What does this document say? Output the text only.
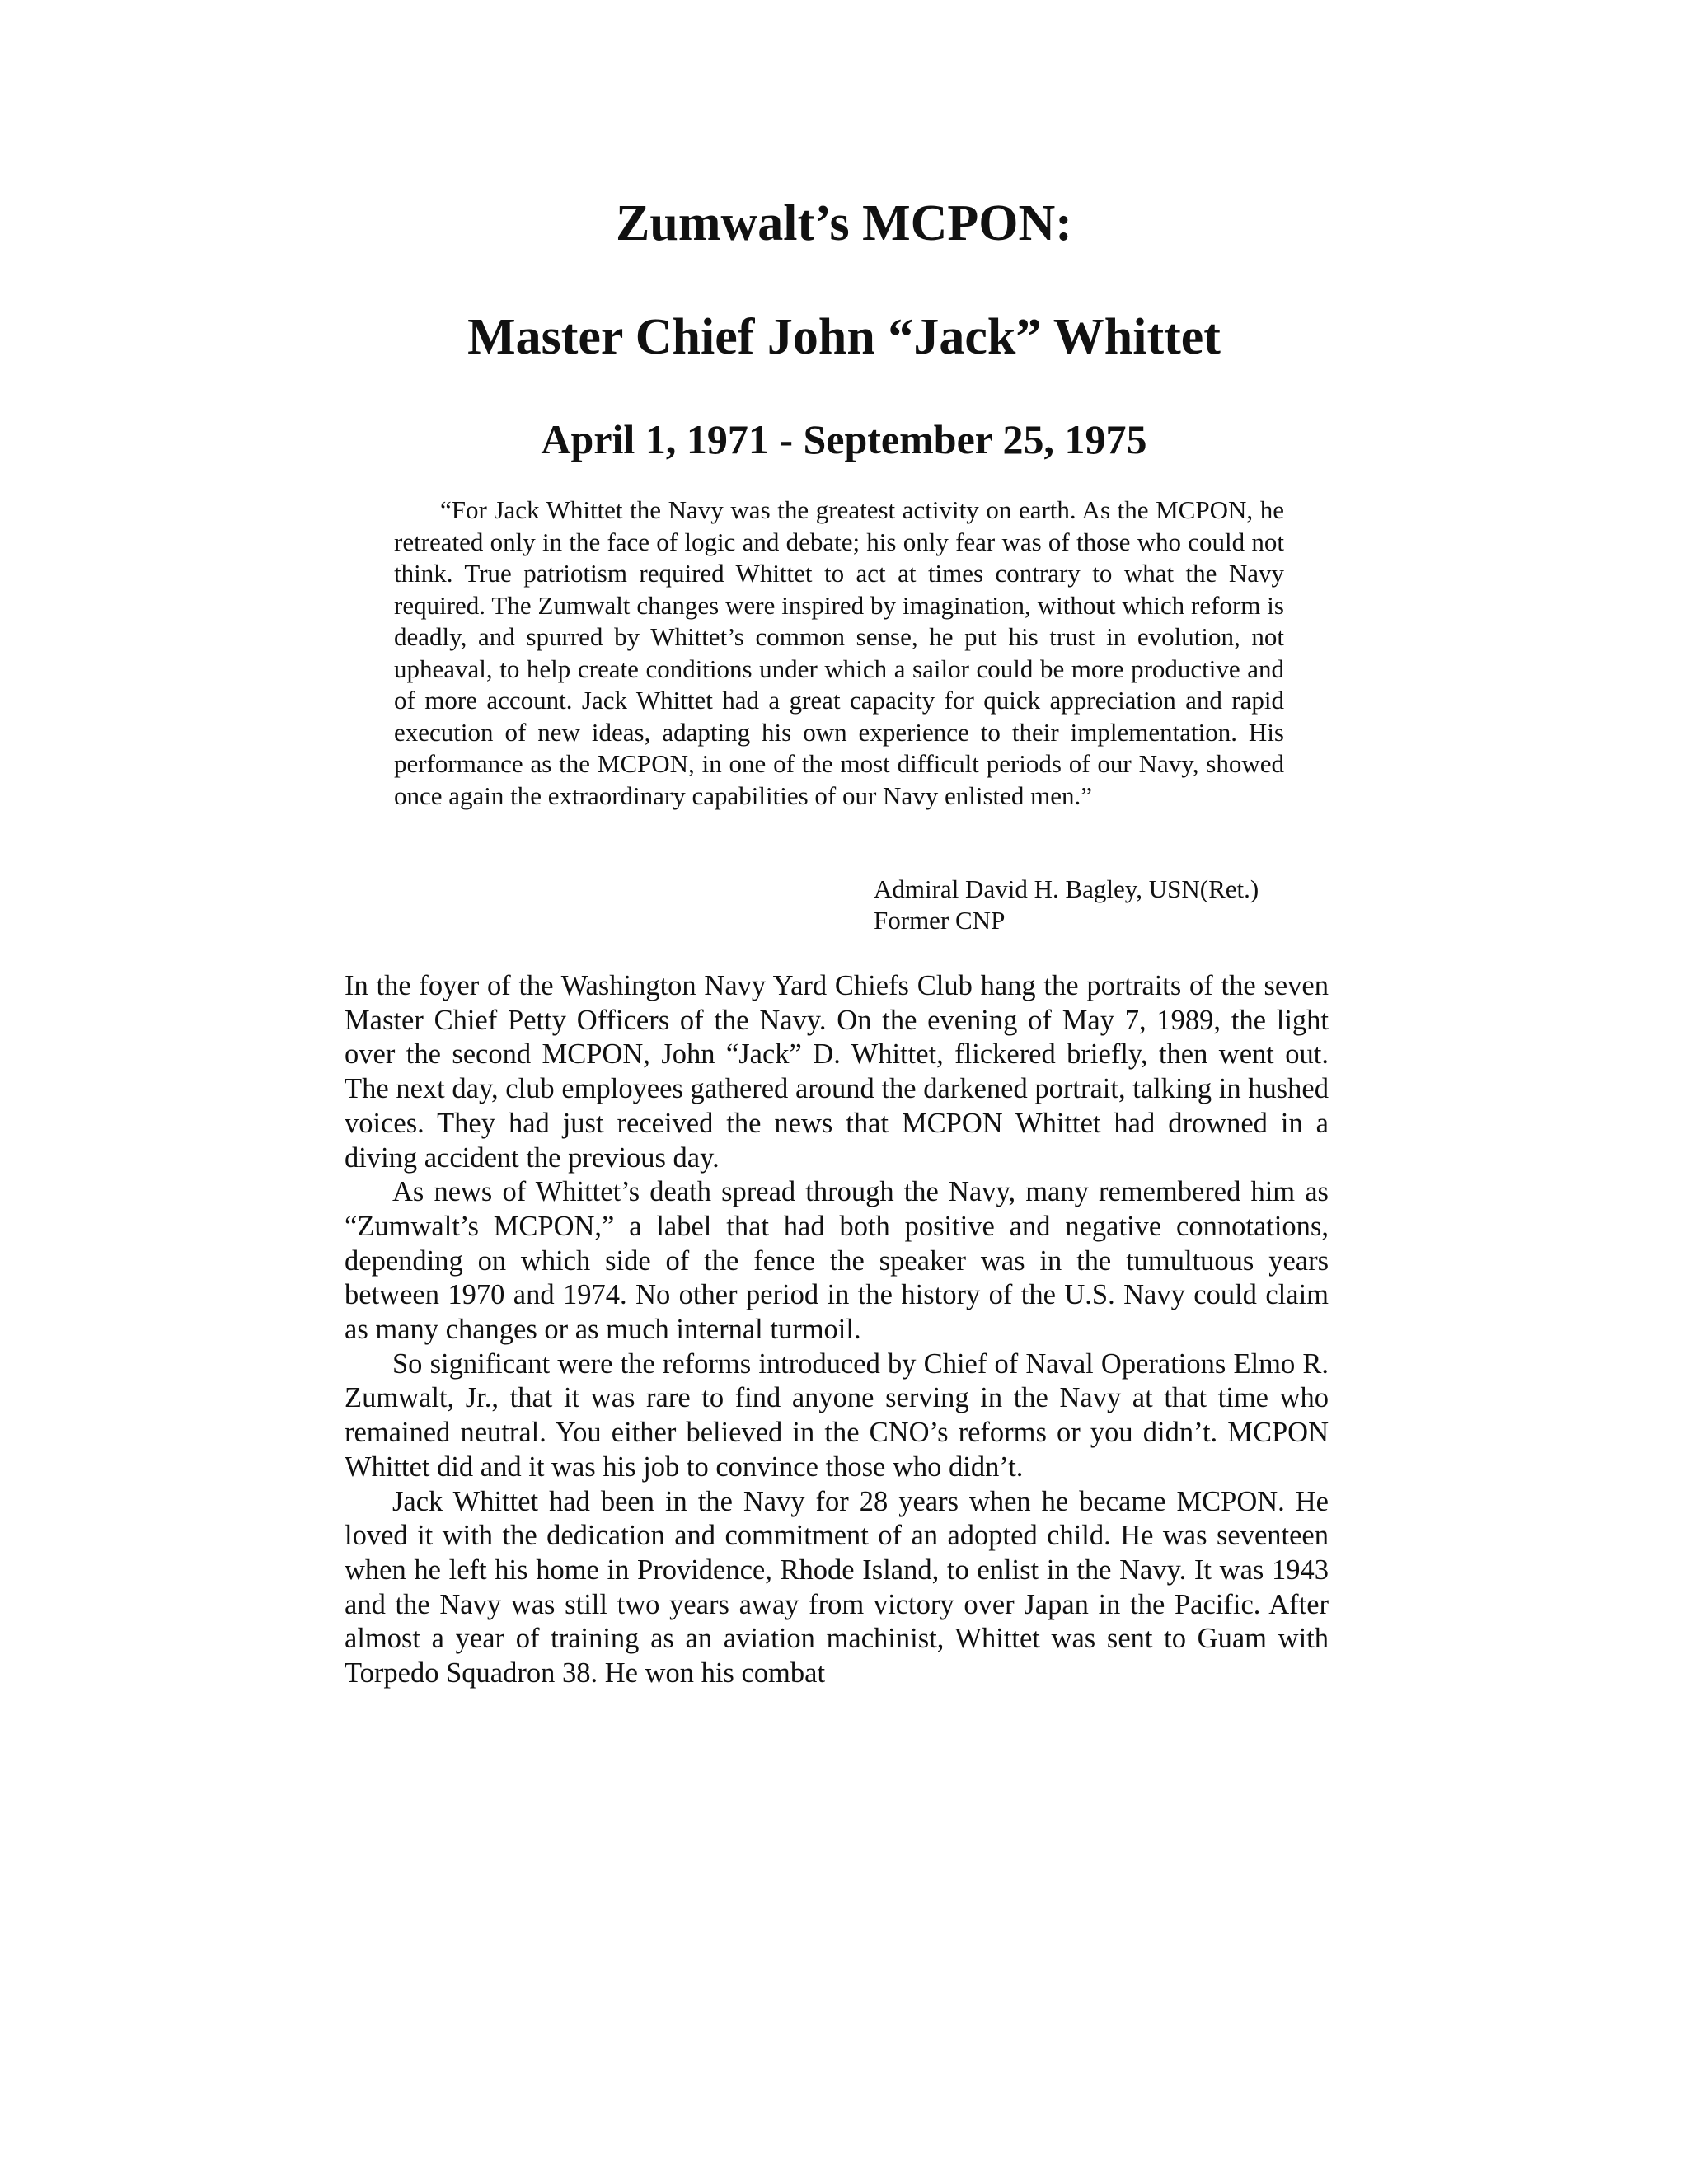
Zumwalt’s MCPON:
Master Chief John “Jack” Whittet
April 1, 1971 - September 25, 1975

“For Jack Whittet the Navy was the greatest activity on earth. As the MCPON, he retreated only in the face of logic and debate; his only fear was of those who could not think. True patriotism required Whittet to act at times contrary to what the Navy required. The Zumwalt changes were inspired by imagination, without which reform is deadly, and spurred by Whittet’s common sense, he put his trust in evolution, not upheaval, to help create conditions under which a sailor could be more productive and of more account. Jack Whittet had a great capacity for quick appreciation and rapid execution of new ideas, adapting his own experience to their implementation. His performance as the MCPON, in one of the most difficult periods of our Navy, showed once again the extraordinary capabilities of our Navy enlisted men.”

Admiral David H. Bagley, USN(Ret.)
Former CNP

In the foyer of the Washington Navy Yard Chiefs Club hang the portraits of the seven Master Chief Petty Officers of the Navy. On the evening of May 7, 1989, the light over the second MCPON, John “Jack” D. Whittet, flickered briefly, then went out. The next day, club employees gathered around the darkened portrait, talking in hushed voices. They had just received the news that MCPON Whittet had drowned in a diving accident the previous day.

As news of Whittet’s death spread through the Navy, many remembered him as “Zumwalt’s MCPON,” a label that had both positive and negative connotations, depending on which side of the fence the speaker was in the tumultuous years between 1970 and 1974. No other period in the history of the U.S. Navy could claim as many changes or as much internal turmoil.

So significant were the reforms introduced by Chief of Naval Operations Elmo R. Zumwalt, Jr., that it was rare to find anyone serving in the Navy at that time who remained neutral. You either believed in the CNO’s reforms or you didn’t. MCPON Whittet did and it was his job to convince those who didn’t.

Jack Whittet had been in the Navy for 28 years when he became MCPON. He loved it with the dedication and commitment of an adopted child. He was seventeen when he left his home in Providence, Rhode Island, to enlist in the Navy. It was 1943 and the Navy was still two years away from victory over Japan in the Pacific. After almost a year of training as an aviation machinist, Whittet was sent to Guam with Torpedo Squadron 38. He won his combat
